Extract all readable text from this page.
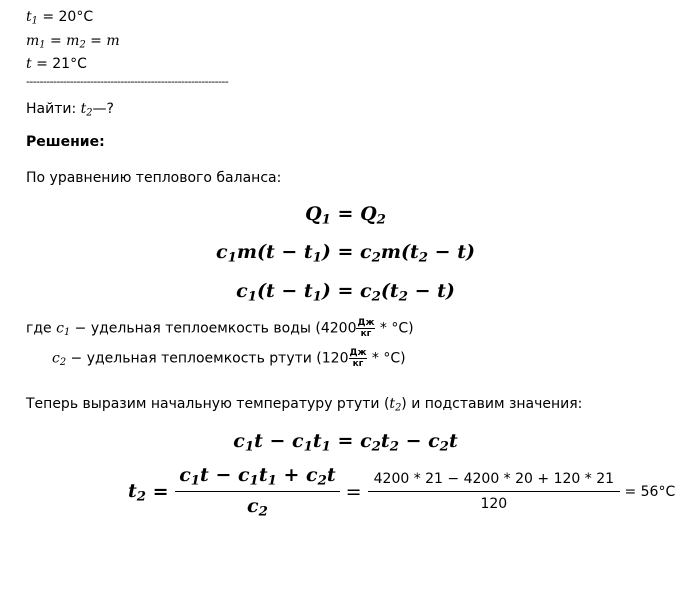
$t_1 = 20^\circ C$
$m_1 = m_2 = m$
t = 21°C
------------------------------------------------------------
Найти: $t_2—$?
Решение:
По уравнению теплового баланса:
$Q_1 = Q_2$
$c_1m(t - t_1) = c_2m(t_2 - t)$
$c_1(t - t_1) = c_2(t_2 - t)$
где $c_1$ − удельная теплоемкость воды (4200 Дж
кг * °C)
$c_2$ − удельная теплоемкость ртути (120 Дж
кг * °C)
Теперь выразим начальную температуру ртути $(t_2)$ и подставим значения:
$c_1t - c_1t_1 = c_2t_2 - c_2t$
$t_2 = \frac{c_1t - c_1t_1 + c_2t}{c_2} = \frac{4200 * 21 - 4200 * 20 + 120 * 21}{120} = 56^\circ C$
